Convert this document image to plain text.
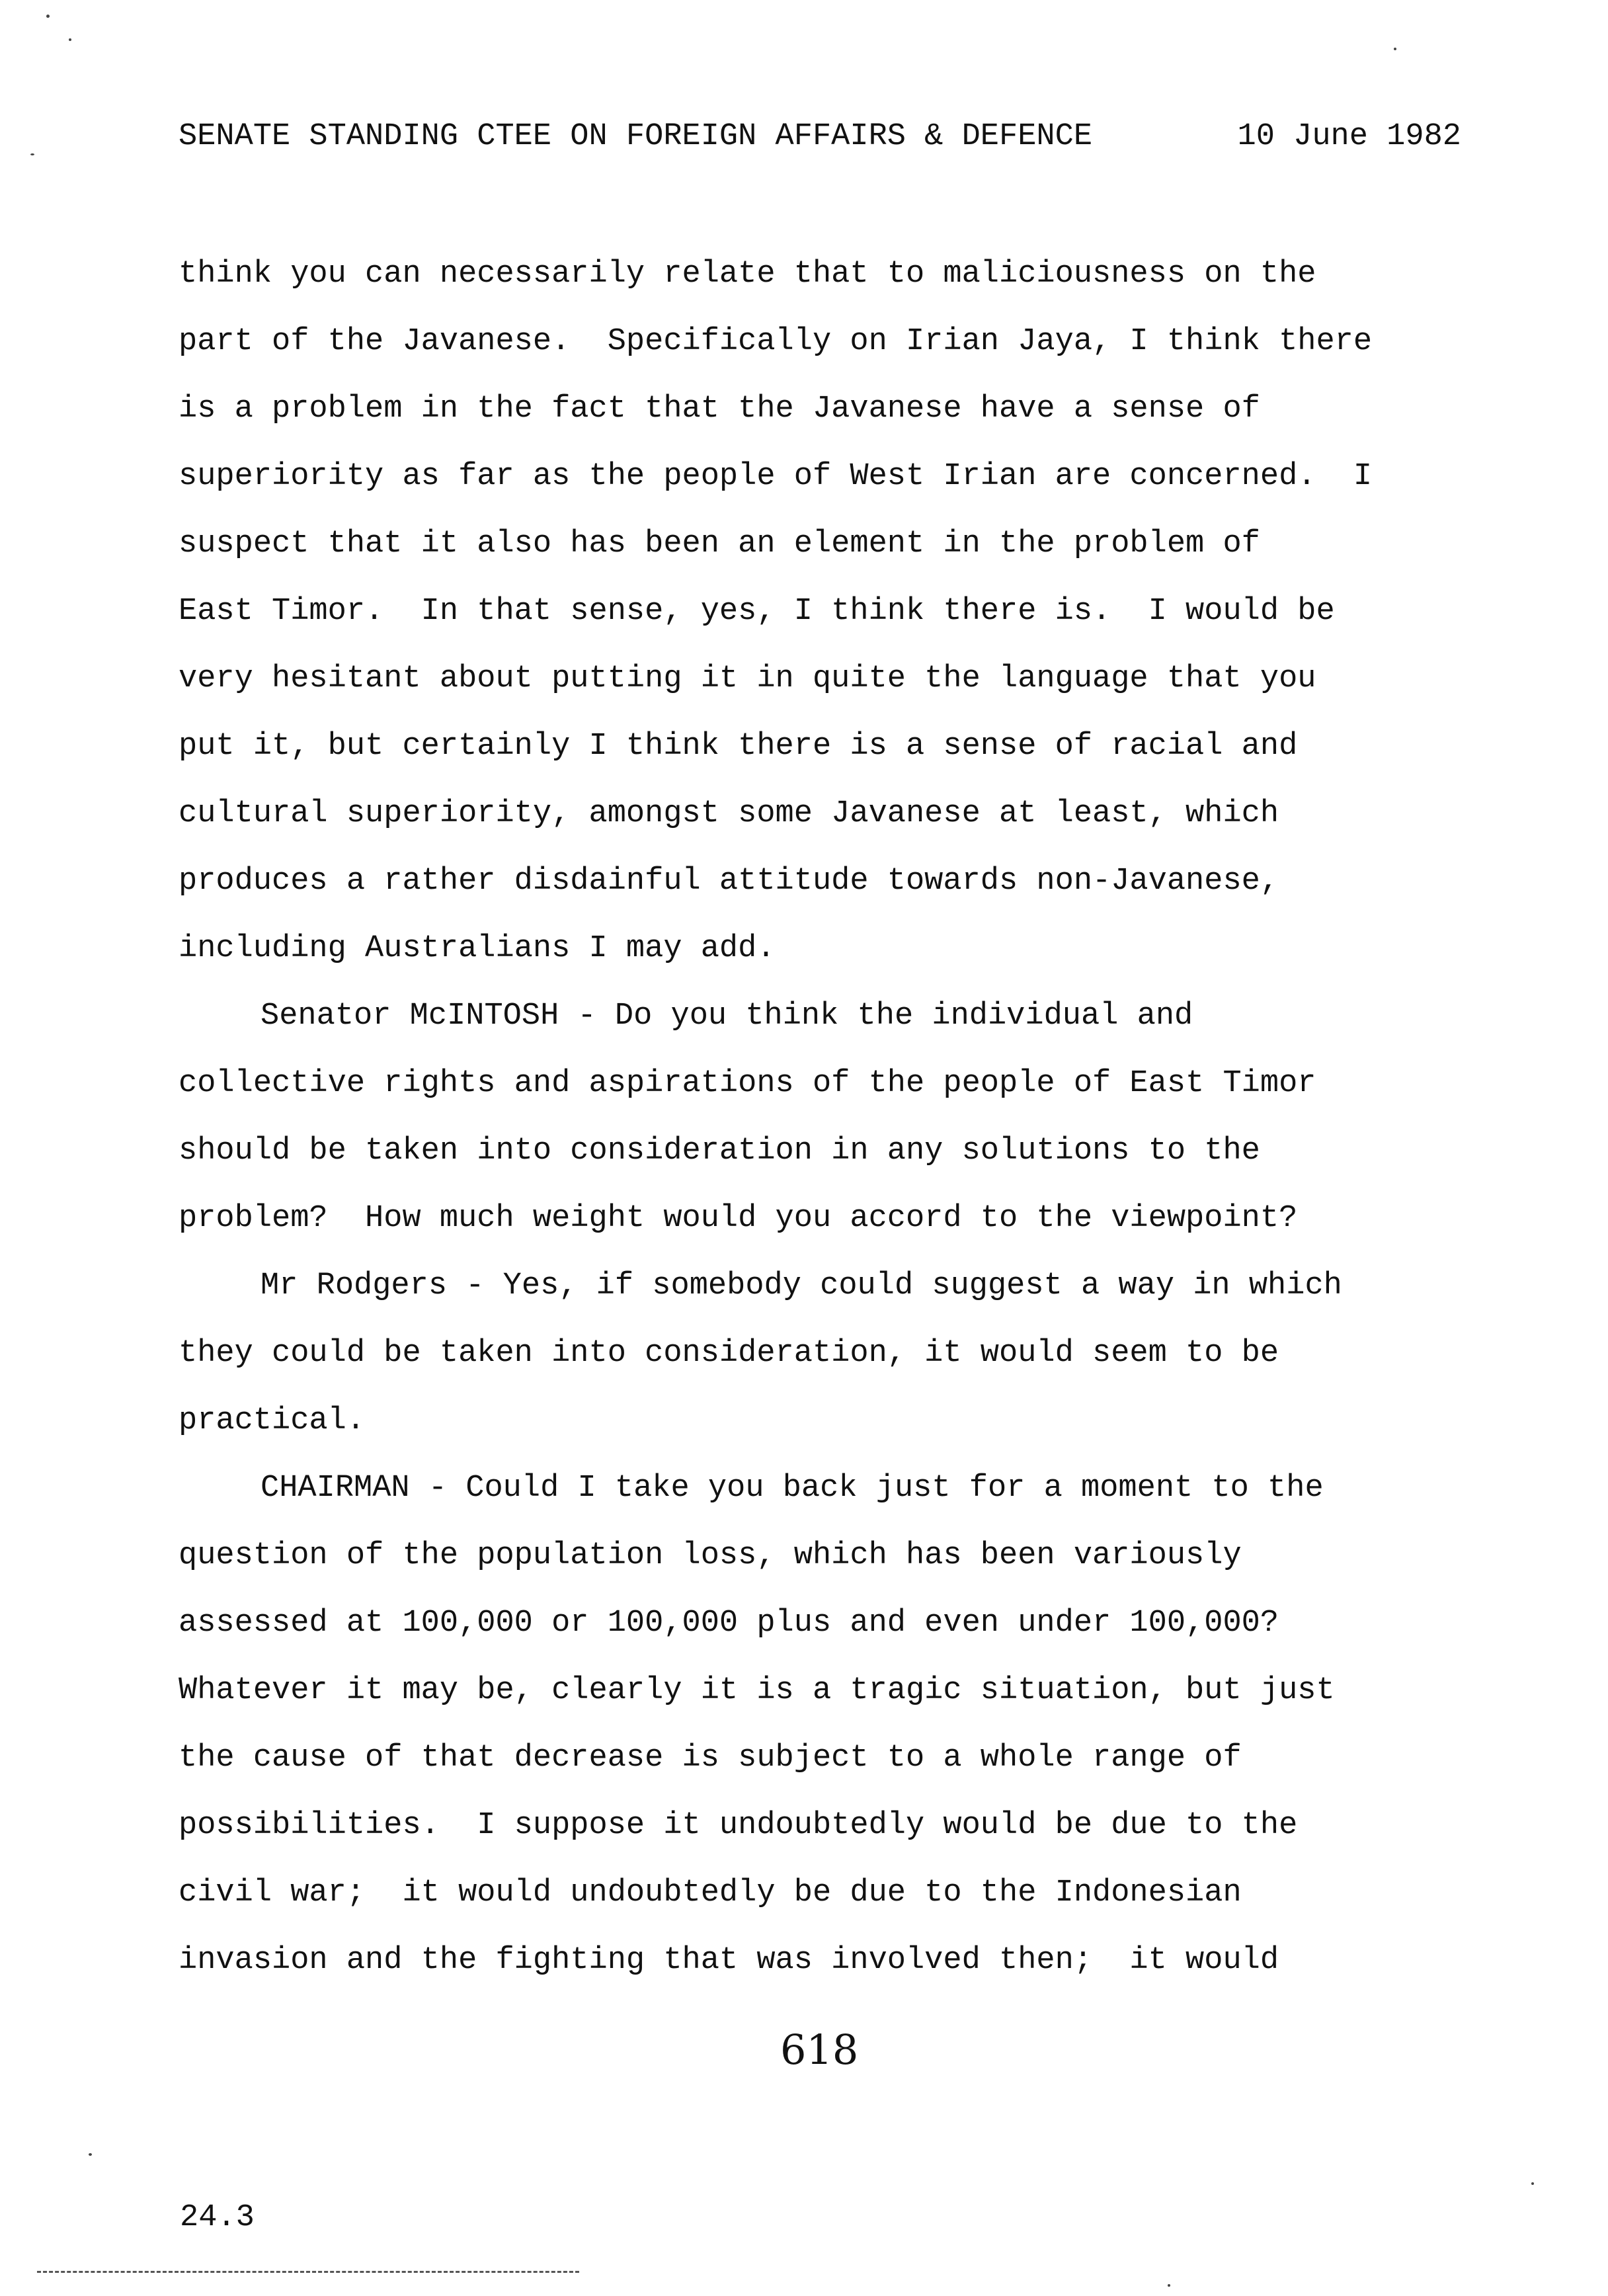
SENATE STANDING CTEE ON FOREIGN AFFAIRS & DEFENCE	10 June 1982
think you can necessarily relate that to maliciousness on the
part of the Javanese.  Specifically on Irian Jaya, I think there
is a problem in the fact that the Javanese have a sense of
superiority as far as the people of West Irian are concerned.  I
suspect that it also has been an element in the problem of
East Timor.  In that sense, yes, I think there is.  I would be
very hesitant about putting it in quite the language that you
put it, but certainly I think there is a sense of racial and
cultural superiority, amongst some Javanese at least, which
produces a rather disdainful attitude towards non-Javanese,
including Australians I may add.
Senator McINTOSH - Do you think the individual and
collective rights and aspirations of the people of East Timor
should be taken into consideration in any solutions to the
problem?  How much weight would you accord to the viewpoint?
Mr Rodgers - Yes, if somebody could suggest a way in which
they could be taken into consideration, it would seem to be
practical.
CHAIRMAN - Could I take you back just for a moment to the
question of the population loss, which has been variously
assessed at 100,000 or 100,000 plus and even under 100,000?
Whatever it may be, clearly it is a tragic situation, but just
the cause of that decrease is subject to a whole range of
possibilities.  I suppose it undoubtedly would be due to the
civil war;  it would undoubtedly be due to the Indonesian
invasion and the fighting that was involved then;  it would
618
24.3
